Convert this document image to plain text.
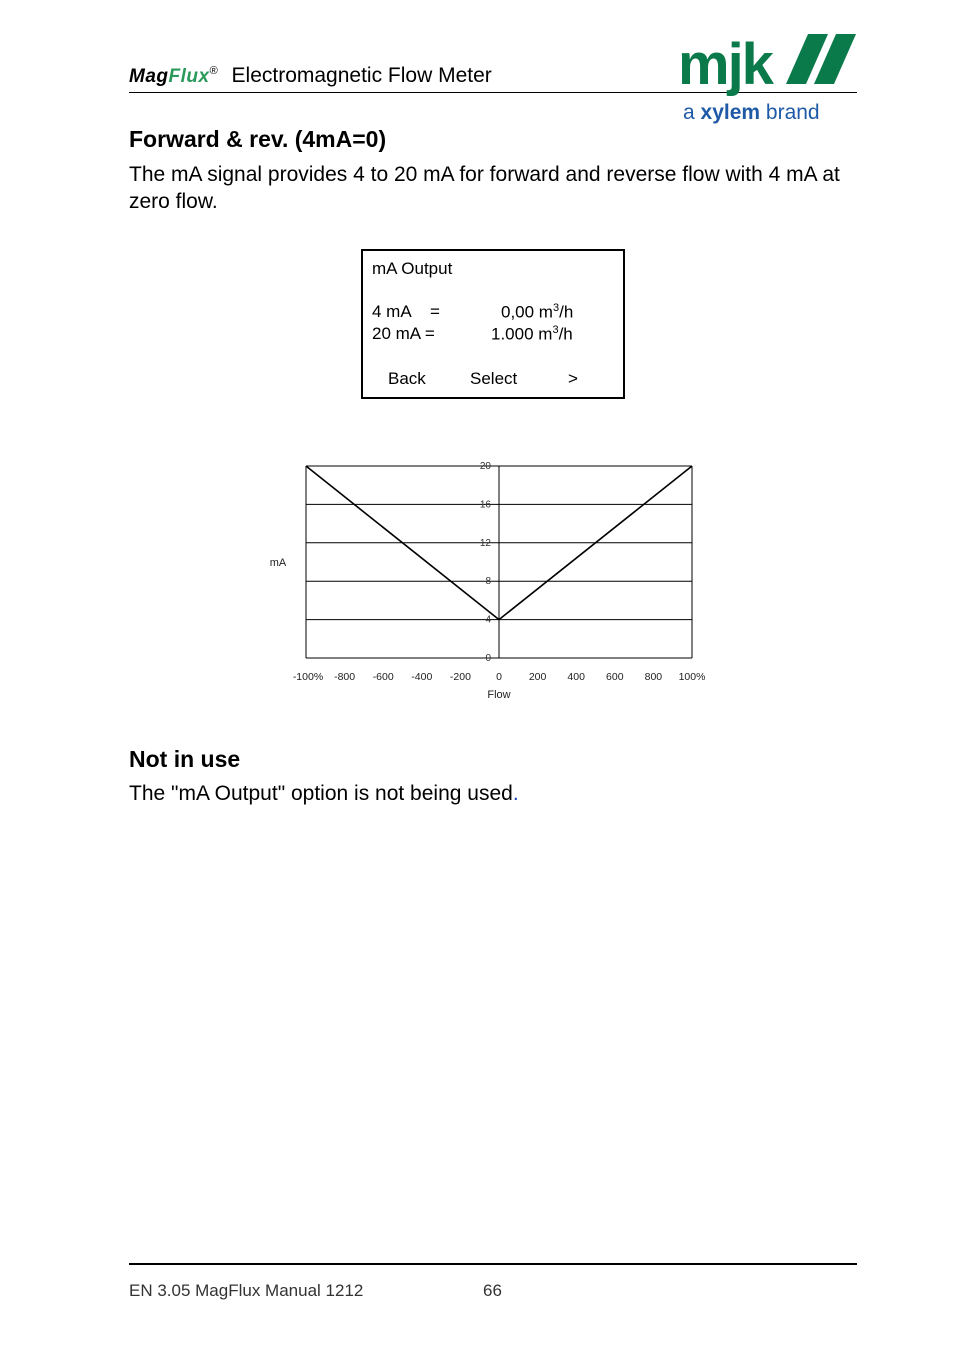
MagFlux® Electromagnetic Flow Meter	mjk
a xylem brand
Forward & rev. (4mA=0)
The mA signal provides 4 to 20 mA for forward and reverse flow with 4 mA at zero flow.
mA Output
4 mA =	0,00 $m^3/h$
20 mA =	1.000 $m^3/h$
Back	Select	>
0
4
8
12
16
20
-100% -800 -600 -400 -200 0	200 400 600 800 100%
mA
Flow
Not in use
The "mA Output" option is not being used.
EN 3.05 MagFlux Manual 1212	66
